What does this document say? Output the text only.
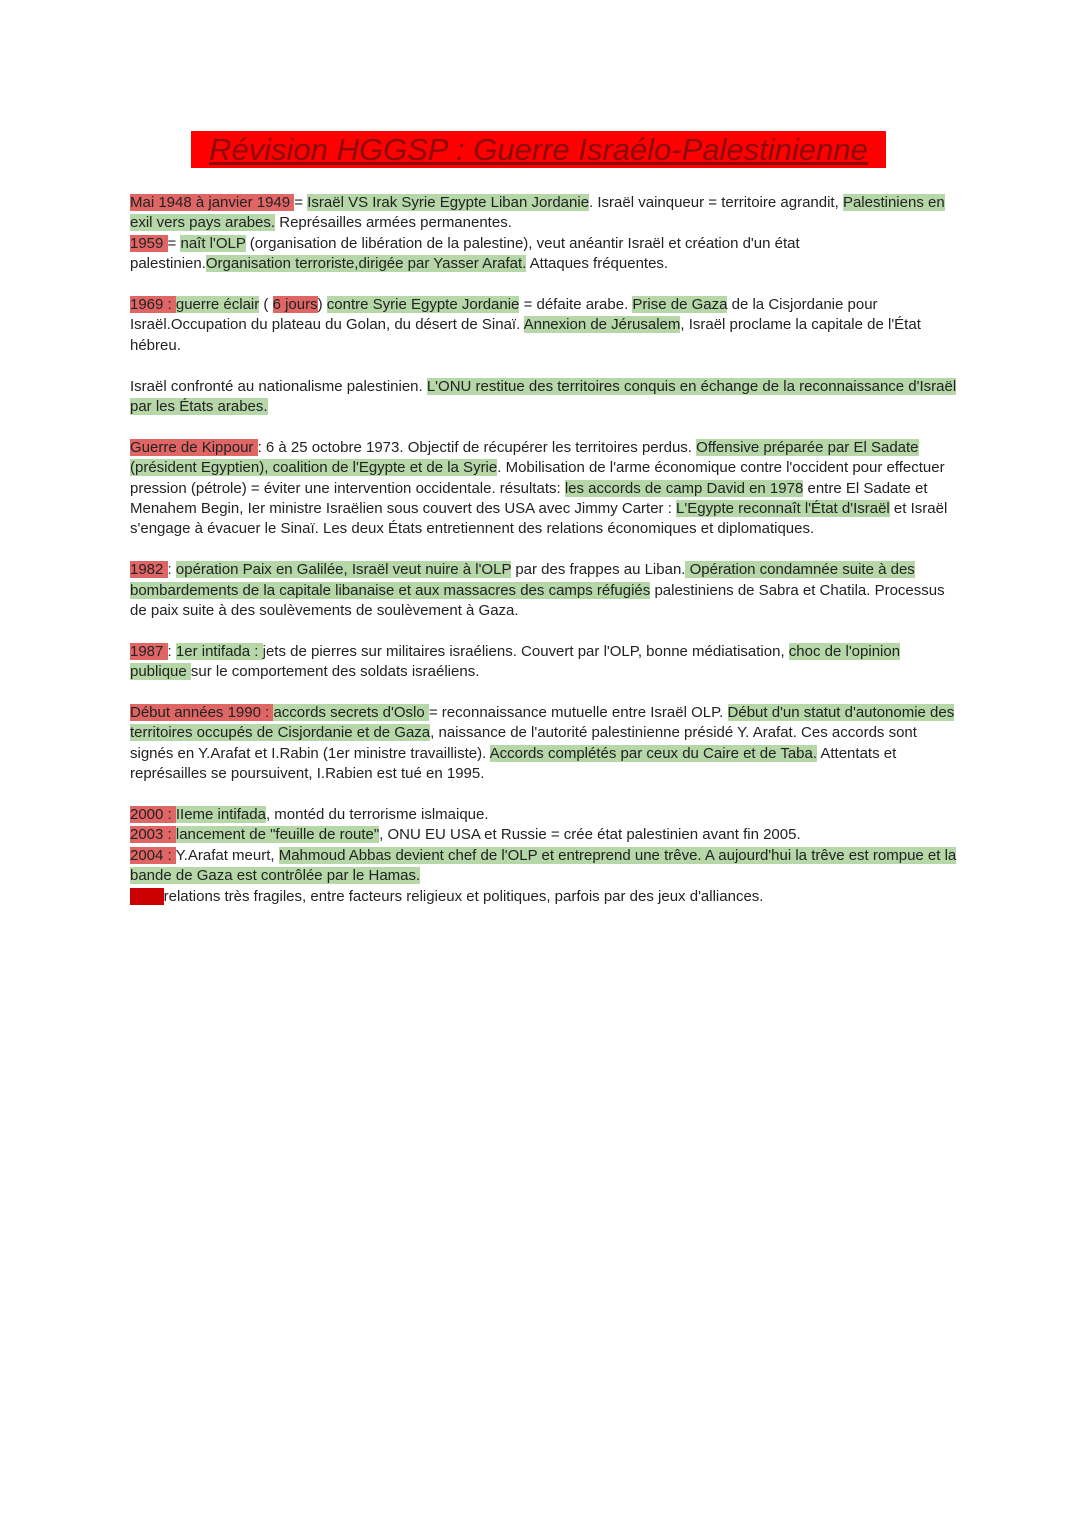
Révision HGGSP : Guerre Israélo-Palestinienne

Mai 1948 à janvier 1949 = Israël VS Irak Syrie Egypte Liban Jordanie. Israël vainqueur = territoire agrandit, Palestiniens en exil vers pays arabes. Représailles armées permanentes.
1959 = naît l'OLP (organisation de libération de la palestine), veut anéantir Israël et création d'un état palestinien.Organisation terroriste,dirigée par Yasser Arafat. Attaques fréquentes.

1969 : guerre éclair ( 6 jours) contre Syrie Egypte Jordanie = défaite arabe. Prise de Gaza de la Cisjordanie pour Israël.Occupation du plateau du Golan, du désert de Sinaï. Annexion de Jérusalem, Israël proclame la capitale de l'État hébreu.

Israël confronté au nationalisme palestinien. L'ONU restitue des territoires conquis en échange de la reconnaissance d'Israël par les États arabes.

Guerre de Kippour : 6 à 25 octobre 1973. Objectif de récupérer les territoires perdus. Offensive préparée par El Sadate (président Egyptien), coalition de l'Egypte et de la Syrie. Mobilisation de l'arme économique contre l'occident pour effectuer pression (pétrole) = éviter une intervention occidentale. résultats: les accords de camp David en 1978 entre El Sadate et Menahem Begin, Ier ministre Israëlien sous couvert des USA avec Jimmy Carter : L'Egypte reconnaît l'État d'Israël et Israël s'engage à évacuer le Sinaï. Les deux États entretiennent des relations économiques et diplomatiques.

1982 : opération Paix en Galilée, Israël veut nuire à l'OLP par des frappes au Liban. Opération condamnée suite à des bombardements de la capitale libanaise et aux massacres des camps réfugiés palestiniens de Sabra et Chatila. Processus de paix suite à des soulèvements de soulèvement à Gaza.

1987 : 1er intifada : jets de pierres sur militaires israéliens. Couvert par l'OLP, bonne médiatisation, choc de l'opinion publique sur le comportement des soldats israéliens.

Début années 1990 : accords secrets d'Oslo = reconnaissance mutuelle entre Israël OLP. Début d'un statut d'autonomie des territoires occupés de Cisjordanie et de Gaza, naissance de l'autorité palestinienne présidé Y. Arafat. Ces accords sont signés en Y.Arafat et I.Rabin (1er ministre travailliste). Accords complétés par ceux du Caire et de Taba. Attentats et représailles se poursuivent, I.Rabien est tué en 1995.

2000 : IIeme intifada, montéd du terrorisme islmaique.
2003 : lancement de "feuille de route", ONU EU USA et Russie = crée état palestinien avant fin 2005.
2004 : Y.Arafat meurt, Mahmoud Abbas devient chef de l'OLP et entreprend une trêve. A aujourd'hui la trêve est rompue et la bande de Gaza est contrôlée par le Hamas.
CCL relations très fragiles, entre facteurs religieux et politiques, parfois par des jeux d'alliances.
